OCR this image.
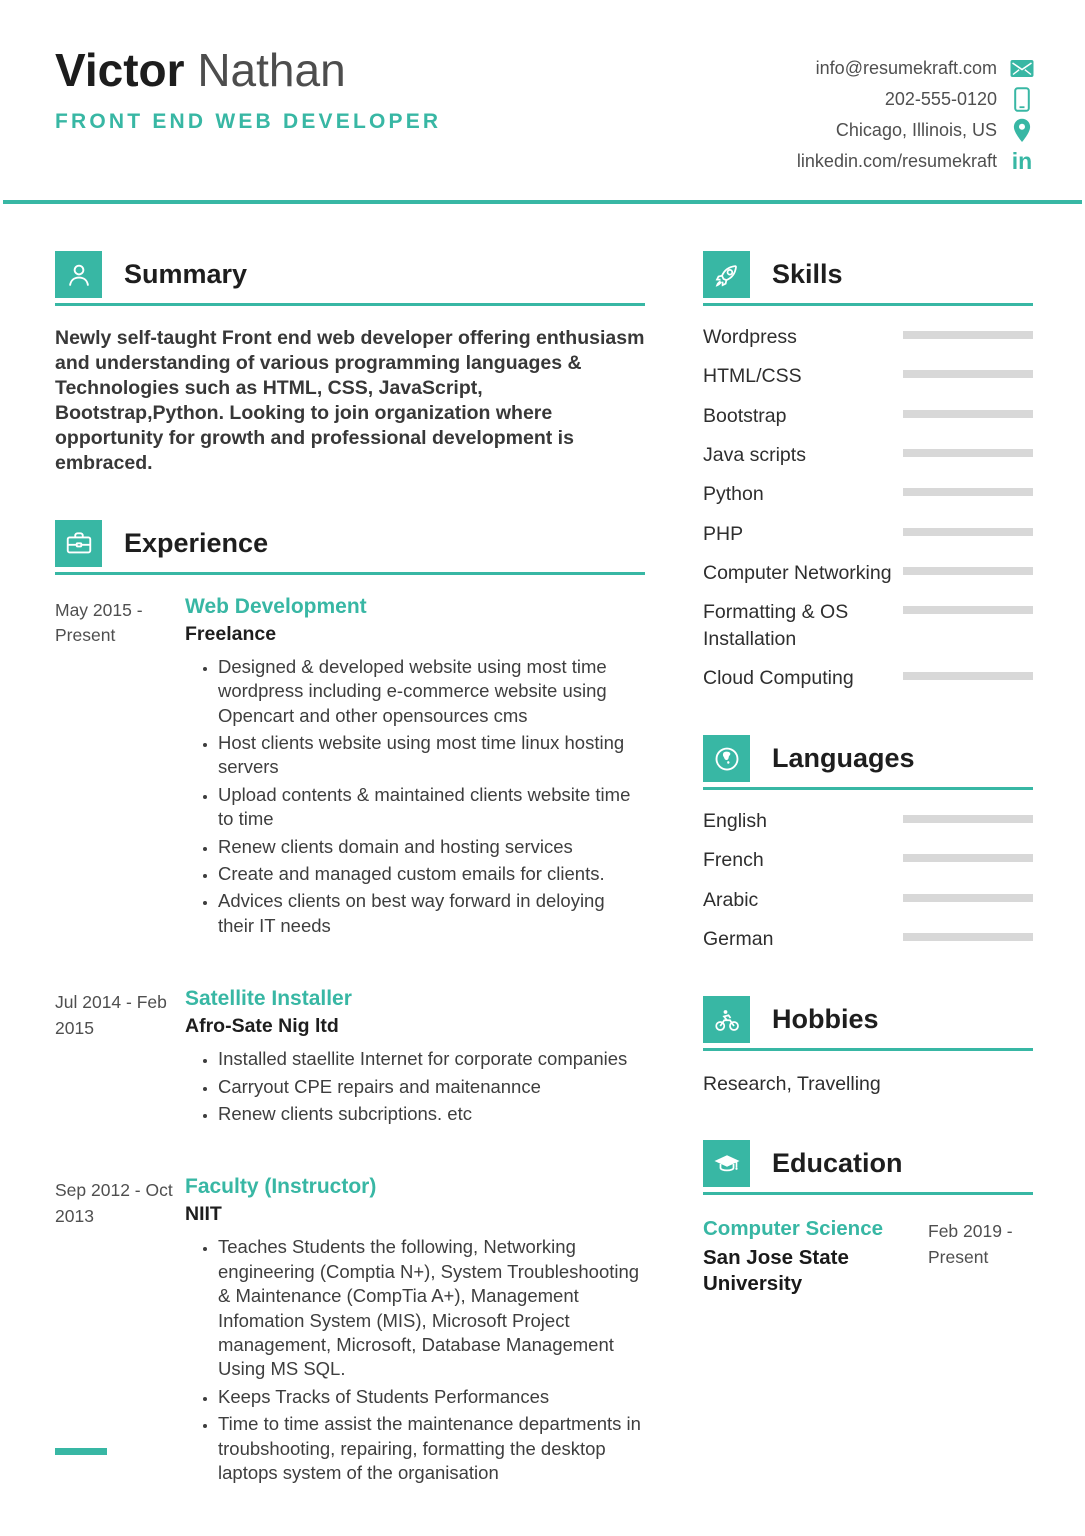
Victor Nathan
FRONT END WEB DEVELOPER
info@resumekraft.com
202-555-0120
Chicago, Illinois, US
linkedin.com/resumekraft in
Summary

Newly self-taught Front end web developer offering enthusiasm and understanding of various programming languages & Technologies such as HTML, CSS, JavaScript, Bootstrap,Python. Looking to join organization where opportunity for growth and professional development is embraced.

Experience
May 2015 - Present
Web Development
Freelance
• Designed & developed website using most time wordpress including e-commerce website using Opencart and other opensources cms
• Host clients website using most time linux hosting servers
• Upload contents & maintained clients website time to time
• Renew clients domain and hosting services
• Create and managed custom emails for clients.
• Advices clients on best way forward in deloying their IT needs
Jul 2014 - Feb 2015
Satellite Installer
Afro-Sate Nig ltd
• Installed staellite Internet for corporate companies
• Carryout CPE repairs and maitenannce
• Renew clients subcriptions. etc
Sep 2012 - Oct 2013
Faculty (Instructor)
NIIT
• Teaches Students the following, Networking engineering (Comptia N+), System Troubleshooting & Maintenance (CompTia A+), Management Infomation System (MIS), Microsoft Project management, Microsoft, Database Management Using MS SQL.
• Keeps Tracks of Students Performances
• Time to time assist the maintenance departments in troubshooting, repairing, formatting the desktop laptops system of the organisation
Skills
Wordpress
HTML/CSS
Bootstrap
Java scripts
Python
PHP
Computer Networking
Formatting & OS Installation
Cloud Computing
Languages
English
French
Arabic
German
Hobbies

Research, Travelling

Education
Computer Science
San Jose State University
Feb 2019 - Present
